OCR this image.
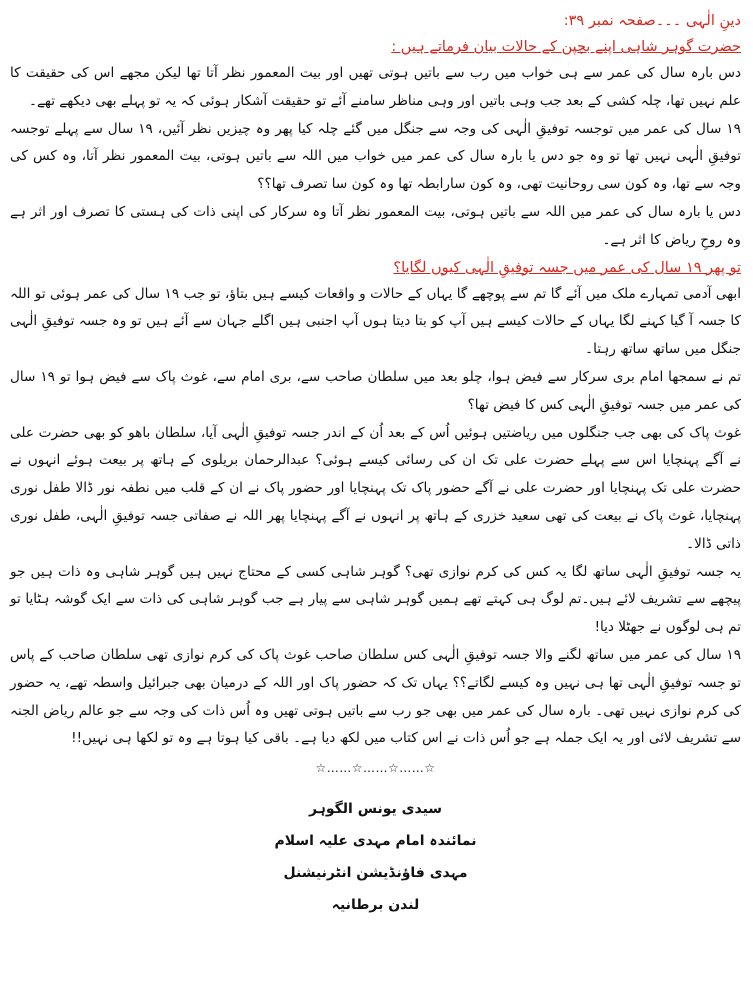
دینِ الٰہی ۔۔۔صفحہ نمبر ۳۹:

حضرت گوہر شاہی اپنے بچپن کے حالات بیان فرماتے ہیں :

دس بارہ سال کی عمر سے ہی خواب میں رب سے باتیں ہوتی تھیں اور بیت المعمور نظر آتا تھا لیکن مجھے اس کی حقیقت کا علم نہیں تھا، چلہ کشی کے بعد جب وہی باتیں اور وہی مناظر سامنے آئے تو حقیقت آشکار ہوئی کہ یہ تو پہلے بھی دیکھے تھے۔

۱۹ سال کی عمر میں توجسہ توفیقِ الٰہی کی وجہ سے جنگل میں گئے چلہ کیا پھر وہ چیزیں نظر آئیں، ۱۹ سال سے پہلے توجسہ توفیقِ الٰہی نہیں تھا تو وہ جو دس یا بارہ سال کی عمر میں خواب میں اللہ سے باتیں ہوتی، بیت المعمور نظر آتا، وہ کس کی وجہ سے تھا، وہ کون سی روحانیت تھی، وہ کون سارابطہ تھا وہ کون سا تصرف تھا؟؟

دس یا بارہ سال کی عمر میں اللہ سے باتیں ہوتی، بیت المعمور نظر آتا وہ سرکار کی اپنی ذات کی ہستی کا تصرف اور اثر ہے وہ روحِ ریاض کا اثر ہے۔

تو پھر ۱۹ سال کی عمر میں جسہ توفیقِ الٰہی کیوں لگایا؟

ابھی آدمی تمہارے ملک میں آئے گا تم سے پوچھے گا یہاں کے حالات و واقعات کیسے ہیں بتاؤ، تو جب ۱۹ سال کی عمر ہوئی تو اللہ کا جسہ آ گیا کہنے لگا یہاں کے حالات کیسے ہیں آپ کو بتا دیتا ہوں آپ اجنبی ہیں اگلے جہان سے آئے ہیں تو وہ جسہ توفیقِ الٰہی جنگل میں ساتھ ساتھ رہتا۔

تم نے سمجھا امام بری سرکار سے فیض ہوا، چلو بعد میں سلطان صاحب سے، بری امام سے، غوث پاک سے فیض ہوا تو ۱۹ سال کی عمر میں جسہ توفیقِ الٰہی کس کا فیض تھا؟

غوث پاک کی بھی جب جنگلوں میں ریاضتیں ہوئیں اُس کے بعد اُن کے اندر جسہ توفیقِ الٰہی آیا، سلطان باھو کو بھی حضرت علی نے آگے پہنچایا اس سے پہلے حضرت علی تک ان کی رسائی کیسے ہوئی؟ عبدالرحمان بریلوی کے ہاتھ پر بیعت ہوئے انہوں نے حضرت علی تک پہنچایا اور حضرت علی نے آگے حضور پاک تک پہنچایا اور حضور پاک نے ان کے قلب میں نطفہ نور ڈالا طفل نوری پہنچایا، غوث پاک نے بیعت کی تھی سعید خزری کے ہاتھ پر انہوں نے آگے پہنچایا پھر اللہ نے صفاتی جسہ توفیقِ الٰہی، طفل نوری ذاتی ڈالا۔

یہ جسہ توفیقِ الٰہی ساتھ لگا یہ کس کی کرم نوازی تھی؟ گوہر شاہی کسی کے محتاج نہیں ہیں گوہر شاہی وہ ذات ہیں جو پیچھے سے تشریف لائے ہیں۔تم لوگ ہی کہتے تھے ہمیں گوہر شاہی سے پیار ہے جب گوہر شاہی کی ذات سے ایک گوشہ ہٹایا تو تم ہی لوگوں نے جھٹلا دیا!

۱۹ سال کی عمر میں ساتھ لگنے والا جسہ توفیقِ الٰہی کس سلطان صاحب غوث پاک کی کرم نوازی تھی سلطان صاحب کے پاس تو جسہ توفیقِ الٰہی تھا ہی نہیں وہ کیسے لگاتے؟؟ یہاں تک کہ حضور پاک اور اللہ کے درمیان بھی جبرائیل واسطہ تھے، یہ حضور کی کرم نوازی نہیں تھی۔ بارہ سال کی عمر میں بھی جو رب سے باتیں ہوتی تھیں وہ اُس ذات کی وجہ سے جو عالم ریاض الجنہ سے تشریف لائی اور یہ ایک جملہ ہے جو اُس ذات نے اس کتاب میں لکھ دیا ہے۔ باقی کیا ہوتا ہے وہ تو لکھا ہی نہیں!!

☆……☆……☆……☆
سیدی یونس الگوہر
نمائندہ امام مہدی علیہ اسلام
مہدی فاؤنڈیشن انٹرنیشنل
لندن برطانیہ
